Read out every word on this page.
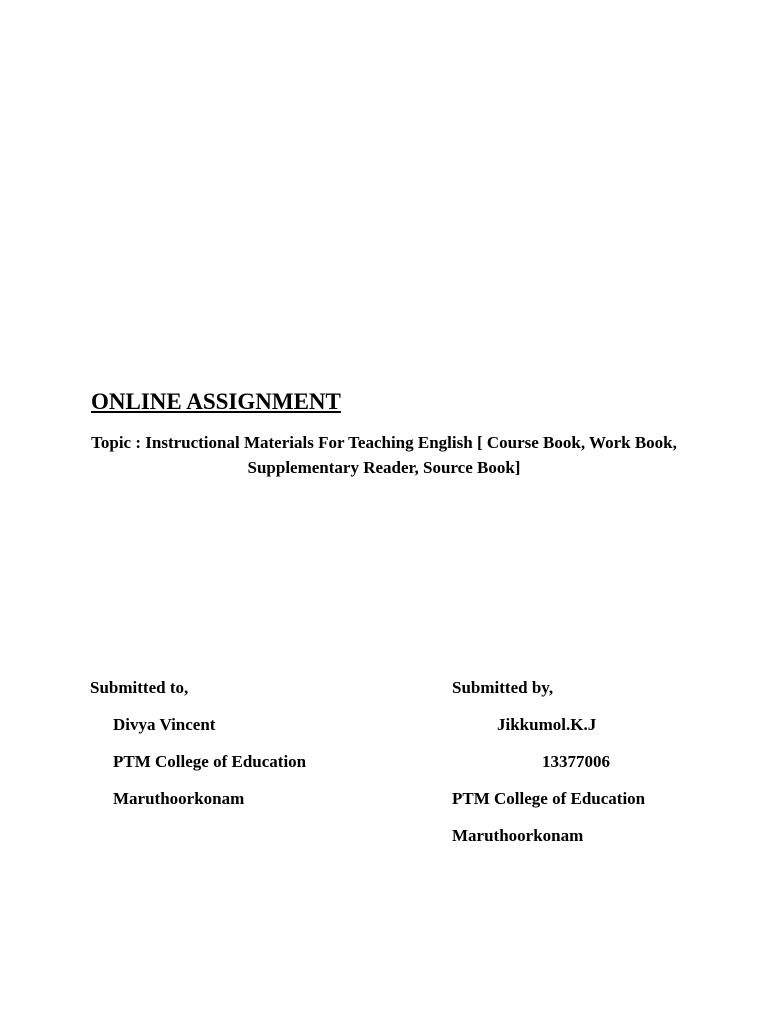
ONLINE ASSIGNMENT
Topic : Instructional Materials For Teaching English [ Course Book, Work Book, Supplementary Reader, Source Book]
Submitted to,
Divya Vincent
PTM College of Education
Maruthoorkonam
Submitted by,
Jikkumol.K.J
13377006
PTM College of Education
Maruthoorkonam
